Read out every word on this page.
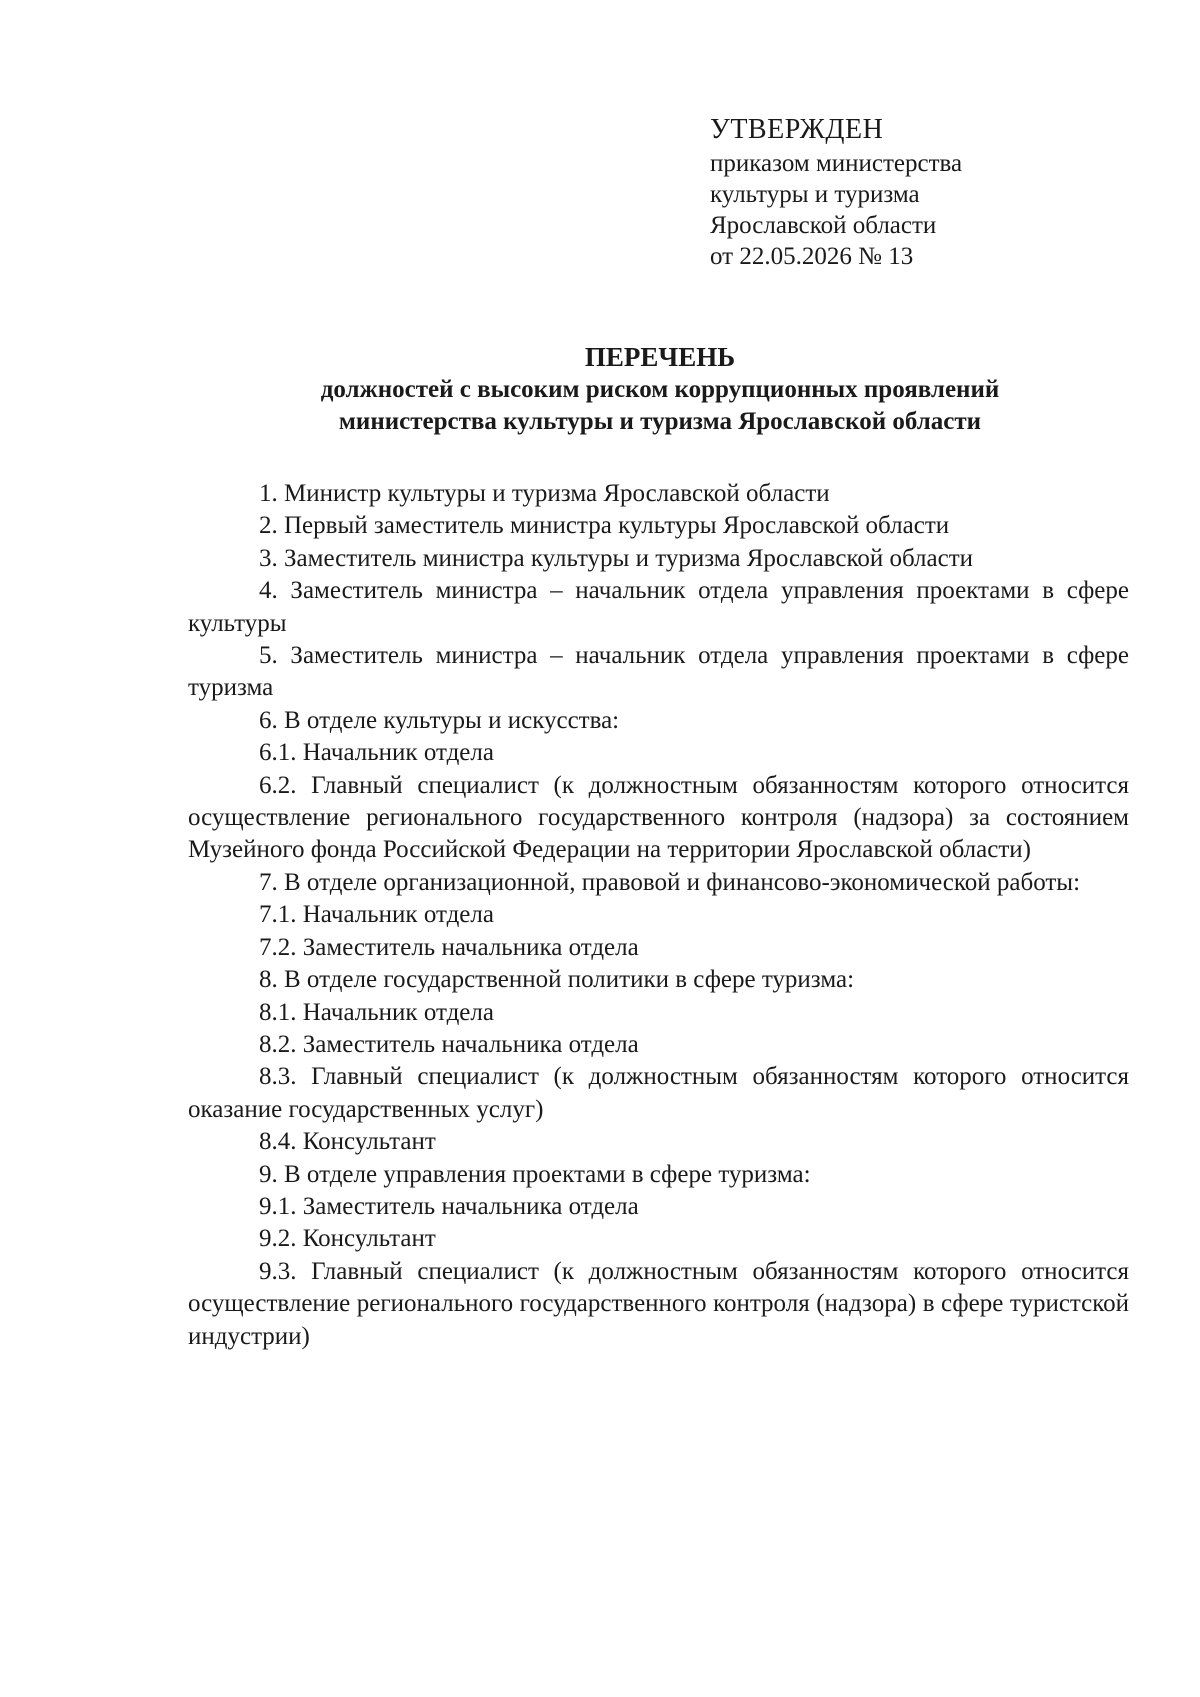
УТВЕРЖДЕН
приказом министерства
культуры и туризма
Ярославской области
от 22.05.2026 № 13
ПЕРЕЧЕНЬ
должностей с высоким риском коррупционных проявлений
министерства культуры и туризма Ярославской области

1. Министр культуры и туризма Ярославской области

2. Первый заместитель министра культуры Ярославской области

3. Заместитель министра культуры и туризма Ярославской области

4. Заместитель министра – начальник отдела управления проектами в сфере культуры

5. Заместитель министра – начальник отдела управления проектами в сфере туризма

6. В отделе культуры и искусства:

6.1. Начальник отдела

6.2. Главный специалист (к должностным обязанностям которого относится осуществление регионального государственного контроля (надзора) за состоянием Музейного фонда Российской Федерации на территории Ярославской области)

7. В отделе организационной, правовой и финансово-экономической работы:

7.1. Начальник отдела

7.2. Заместитель начальника отдела

8. В отделе государственной политики в сфере туризма:

8.1. Начальник отдела

8.2. Заместитель начальника отдела

8.3. Главный специалист (к должностным обязанностям которого относится оказание государственных услуг)

8.4. Консультант

9. В отделе управления проектами в сфере туризма:

9.1. Заместитель начальника отдела

9.2. Консультант

9.3. Главный специалист (к должностным обязанностям которого относится осуществление регионального государственного контроля (надзора) в сфере туристской индустрии)
